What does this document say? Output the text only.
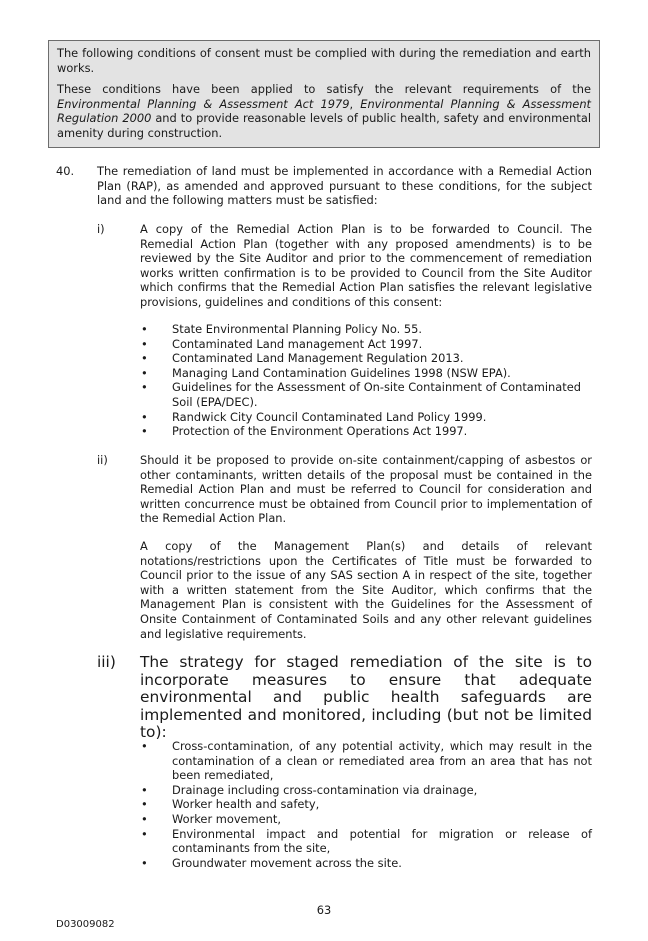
The following conditions of consent must be complied with during the remediation and earth works.

These conditions have been applied to satisfy the relevant requirements of the Environmental Planning & Assessment Act 1979, Environmental Planning & Assessment Regulation 2000 and to provide reasonable levels of public health, safety and environmental amenity during construction.

40. The remediation of land must be implemented in accordance with a Remedial Action Plan (RAP), as amended and approved pursuant to these conditions, for the subject land and the following matters must be satisfied:
i)	A copy of the Remedial Action Plan is to be forwarded to Council. The Remedial Action Plan (together with any proposed amendments) is to be reviewed by the Site Auditor and prior to the commencement of remediation works written confirmation is to be provided to Council from the Site Auditor which confirms that the Remedial Action Plan satisfies the relevant legislative provisions, guidelines and conditions of this consent:
• State Environmental Planning Policy No. 55.
• Contaminated Land management Act 1997.
• Contaminated Land Management Regulation 2013.
• Managing Land Contamination Guidelines 1998 (NSW EPA).
• Guidelines for the Assessment of On-site Containment of Contaminated Soil (EPA/DEC).
• Randwick City Council Contaminated Land Policy 1999.
• Protection of the Environment Operations Act 1997.
ii)	Should it be proposed to provide on-site containment/capping of asbestos or other contaminants, written details of the proposal must be contained in the Remedial Action Plan and must be referred to Council for consideration and written concurrence must be obtained from Council prior to implementation of the Remedial Action Plan.
A copy of the Management Plan(s) and details of relevant notations/restrictions upon the Certificates of Title must be forwarded to Council prior to the issue of any SAS section A in respect of the site, together with a written statement from the Site Auditor, which confirms that the Management Plan is consistent with the Guidelines for the Assessment of Onsite Containment of Contaminated Soils and any other relevant guidelines and legislative requirements.
iii) The strategy for staged remediation of the site is to incorporate measures to ensure that adequate environmental and public health safeguards are implemented and monitored, including (but not be limited to):
• Cross-contamination, of any potential activity, which may result in the contamination of a clean or remediated area from an area that has not been remediated,
• Drainage including cross-contamination via drainage,
• Worker health and safety,
• Worker movement,
• Environmental impact and potential for migration or release of contaminants from the site,
• Groundwater movement across the site.
63
D03009082
